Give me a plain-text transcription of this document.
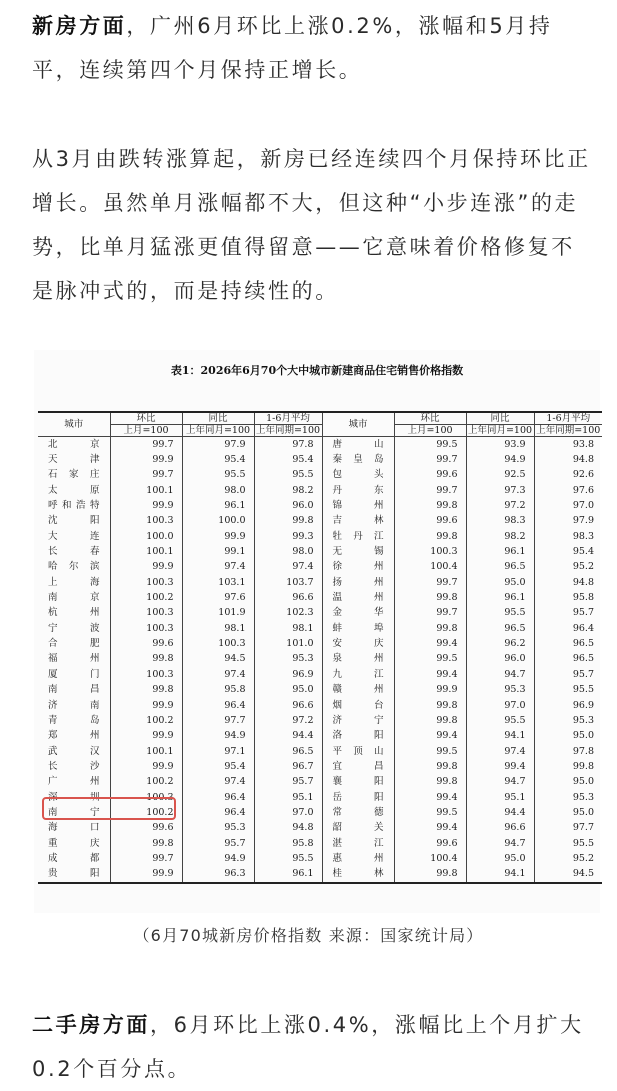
新房方面，广州6月环比上涨0.2%，涨幅和5月持平，连续第四个月保持正增长。

从3月由跌转涨算起，新房已经连续四个月保持环比正增长。虽然单月涨幅都不大，但这种“小步连涨”的走势，比单月猛涨更值得留意——它意味着价格修复不是脉冲式的，而是持续性的。

表1：2026年6月70个大中城市新建商品住宅销售价格指数
城市	环比	同比	1-6月平均	城市	环比	同比	1-6月平均
	上月=100	上年同月=100	上年同期=100		上月=100	上年同月=100	上年同期=100
北　京	99.7	97.9	97.8	唐　山	99.5	93.9	93.8
天　津	99.9	95.4	95.4	秦皇岛	99.7	94.9	94.8
石家庄	99.7	95.5	95.5	包　头	99.6	92.5	92.6
太　原	100.1	98.0	98.2	丹　东	99.7	97.3	97.6
呼和浩特	99.9	96.1	96.0	锦　州	99.8	97.2	97.0
沈　阳	100.3	100.0	99.8	吉　林	99.6	98.3	97.9
大　连	100.0	99.9	99.3	牡丹江	99.8	98.2	98.3
长　春	100.1	99.1	98.0	无　锡	100.3	96.1	95.4
哈尔滨	99.9	97.4	97.4	徐　州	100.4	96.5	95.2
上　海	100.3	103.1	103.7	扬　州	99.7	95.0	94.8
南　京	100.2	97.6	96.6	温　州	99.8	96.1	95.8
杭　州	100.3	101.9	102.3	金　华	99.7	95.5	95.7
宁　波	100.3	98.1	98.1	蚌　埠	99.8	96.5	96.4
合　肥	99.6	100.3	101.0	安　庆	99.4	96.2	96.5
福　州	99.8	94.5	95.3	泉　州	99.5	96.0	96.5
厦　门	100.3	97.4	96.9	九　江	99.4	94.7	95.7
南　昌	99.8	95.8	95.0	赣　州	99.9	95.3	95.5
济　南	99.9	96.4	96.6	烟　台	99.8	97.0	96.9
青　岛	100.2	97.7	97.2	济　宁	99.8	95.5	95.3
郑　州	99.9	94.9	94.4	洛　阳	99.4	94.1	95.0
武　汉	100.1	97.1	96.5	平顶山	99.5	97.4	97.8
长　沙	99.9	95.4	96.7	宜　昌	99.8	99.4	99.8
广　州	100.2	97.4	95.7	襄　阳	99.8	94.7	95.0
深　圳	100.3	96.4	95.1	岳　阳	99.4	95.1	95.3
南　宁	100.2	96.4	97.0	常　德	99.5	94.4	95.0
海　口	99.6	95.3	94.8	韶　关	99.4	96.6	97.7
重　庆	99.8	95.7	95.8	湛　江	99.6	94.7	95.5
成　都	99.7	94.9	95.5	惠　州	100.4	95.0	95.2
贵　阳	99.9	96.3	96.1	桂　林	99.8	94.1	94.5
（6月70城新房价格指数 来源：国家统计局）

二手房方面，6月环比上涨0.4%，涨幅比上个月扩大0.2个百分点。
